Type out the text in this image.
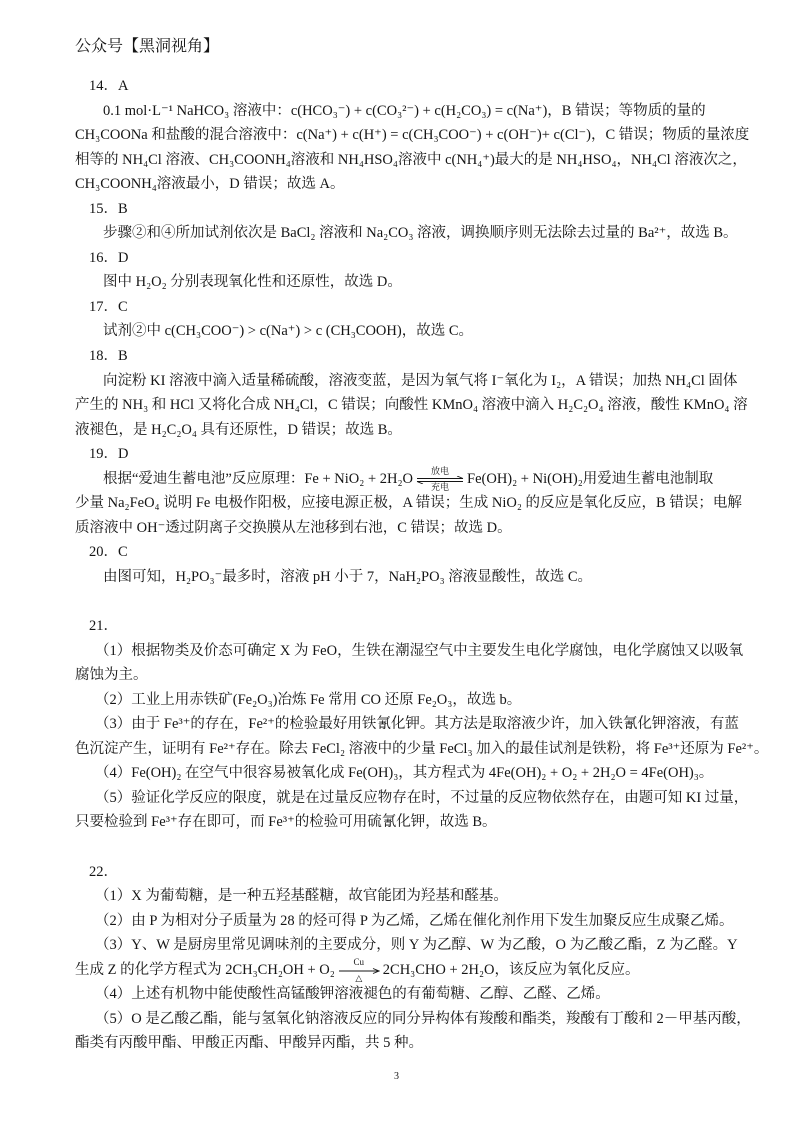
公众号【黑洞视角】
14．A
0.1 mol·L⁻¹ NaHCO₃ 溶液中：c(HCO₃⁻) + c(CO₃²⁻) + c(H₂CO₃) = c(Na⁺)，B 错误；等物质的量的
CH₃COONa 和盐酸的混合溶液中：c(Na⁺) + c(H⁺) = c(CH₃COO⁻) + c(OH⁻)+ c(Cl⁻)，C 错误；物质的量浓度
相等的 NH₄Cl 溶液、CH₃COONH₄溶液和 NH₄HSO₄溶液中 c(NH₄⁺)最大的是 NH₄HSO₄，NH₄Cl 溶液次之，
CH₃COONH₄溶液最小，D 错误；故选 A。
15．B
步骤②和④所加试剂依次是 BaCl₂ 溶液和 Na₂CO₃ 溶液，调换顺序则无法除去过量的 Ba²⁺，故选 B。
16．D
图中 H₂O₂ 分别表现氧化性和还原性，故选 D。
17．C
试剂②中 c(CH₃COO⁻) > c(Na⁺) > c (CH₃COOH)，故选 C。
18．B
向淀粉 KI 溶液中滴入适量稀硫酸，溶液变蓝，是因为氧气将 I⁻氧化为 I₂，A 错误；加热 NH₄Cl 固体
产生的 NH₃ 和 HCl 又将化合成 NH₄Cl，C 错误；向酸性 KMnO₄ 溶液中滴入 H₂C₂O₄ 溶液，酸性 KMnO₄ 溶
液褪色，是 H₂C₂O₄ 具有还原性，D 错误；故选 B。
19．D
根据“爱迪生蓄电池”反应原理：Fe + NiO₂ + 2H₂O	放电
充电	Fe(OH)₂ + Ni(OH)₂用爱迪生蓄电池制取
少量 Na₂FeO₄ 说明 Fe 电极作阳极，应接电源正极，A 错误；生成 NiO₂ 的反应是氧化反应，B 错误；电解
质溶液中 OH⁻透过阴离子交换膜从左池移到右池，C 错误；故选 D。
20．C
由图可知，H₂PO₃⁻最多时，溶液 pH 小于 7，NaH₂PO₃ 溶液显酸性，故选 C。
21．
（1）根据物类及价态可确定 X 为 FeO，生铁在潮湿空气中主要发生电化学腐蚀，电化学腐蚀又以吸氧
腐蚀为主。
（2）工业上用赤铁矿(Fe₂O₃)冶炼 Fe 常用 CO 还原 Fe₂O₃，故选 b。
（3）由于 Fe³⁺的存在，Fe²⁺的检验最好用铁氰化钾。其方法是取溶液少许，加入铁氰化钾溶液，有蓝
色沉淀产生，证明有 Fe²⁺存在。除去 FeCl₂ 溶液中的少量 FeCl₃ 加入的最佳试剂是铁粉，将 Fe³⁺还原为 Fe²⁺。
（4）Fe(OH)₂ 在空气中很容易被氧化成 Fe(OH)₃，其方程式为 4Fe(OH)₂ + O₂ + 2H₂O = 4Fe(OH)₃。
（5）验证化学反应的限度，就是在过量反应物存在时，不过量的反应物依然存在，由题可知 KI 过量，
只要检验到 Fe³⁺存在即可，而 Fe³⁺的检验可用硫氰化钾，故选 B。
22．
（1）X 为葡萄糖，是一种五羟基醛糖，故官能团为羟基和醛基。
（2）由 P 为相对分子质量为 28 的烃可得 P 为乙烯，乙烯在催化剂作用下发生加聚反应生成聚乙烯。
（3）Y、W 是厨房里常见调味剂的主要成分，则 Y 为乙醇、W 为乙酸，O 为乙酸乙酯，Z 为乙醛。Y
生成 Z 的化学方程式为 2CH₃CH₂OH + O₂	Cu
△	2CH₃CHO + 2H₂O，该反应为氧化反应。
（4）上述有机物中能使酸性高锰酸钾溶液褪色的有葡萄糖、乙醇、乙醛、乙烯。
（5）O 是乙酸乙酯，能与氢氧化钠溶液反应的同分异构体有羧酸和酯类，羧酸有丁酸和 2－甲基丙酸，
酯类有丙酸甲酯、甲酸正丙酯、甲酸异丙酯，共 5 种。
3
